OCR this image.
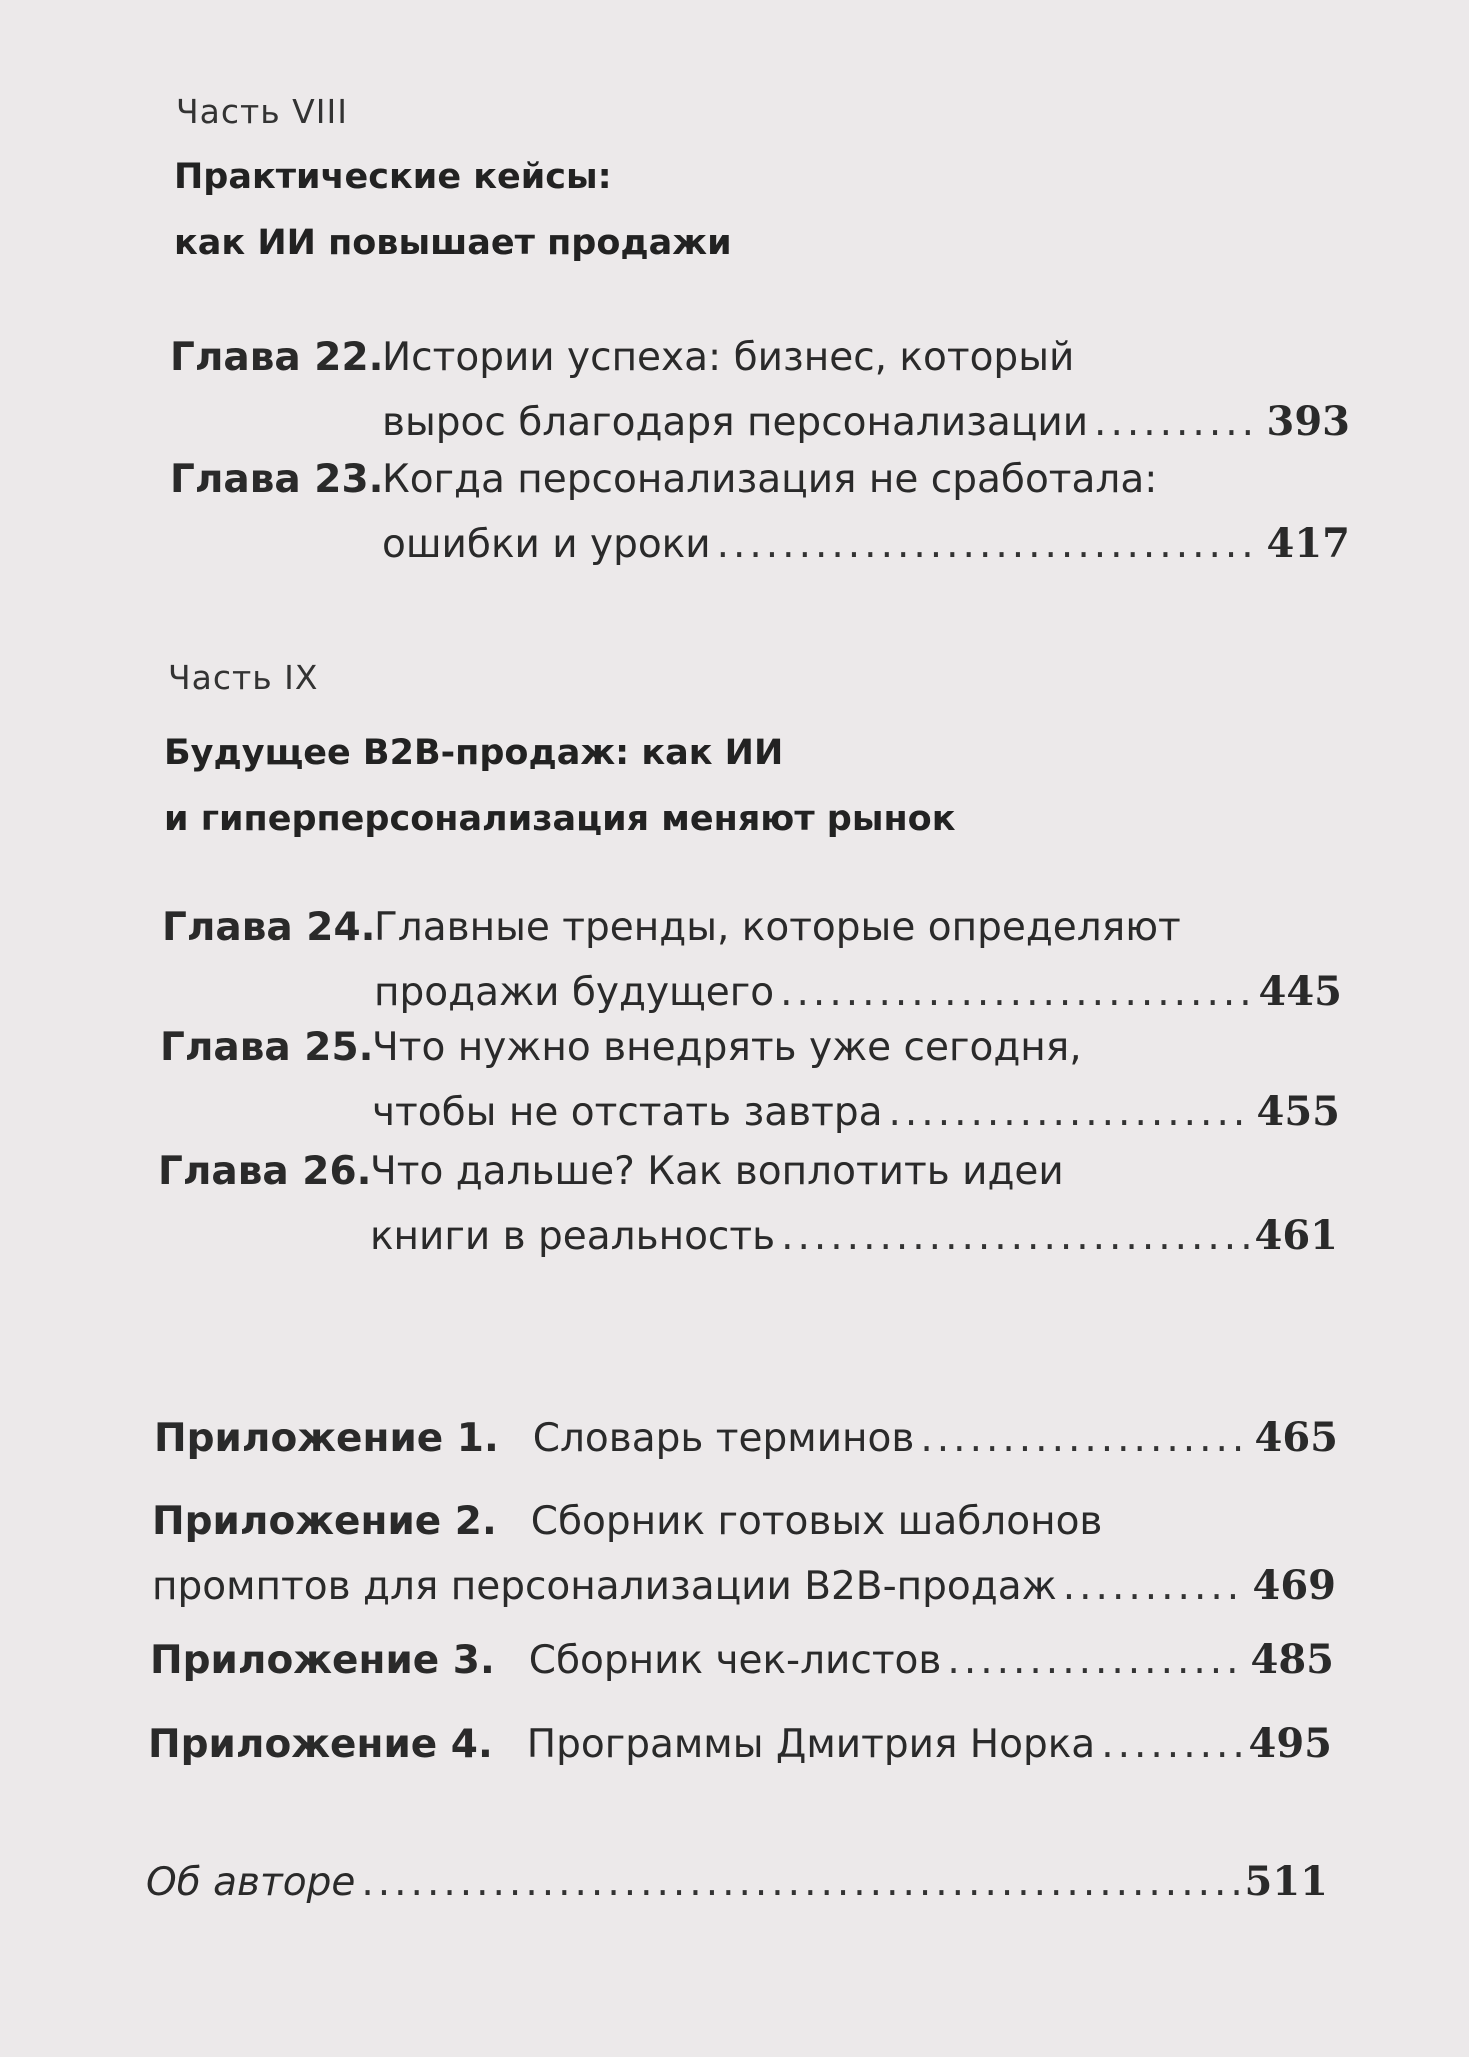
Часть VIII
Практические кейсы:
как ИИ повышает продажи
Глава 22.
Истории успеха: бизнес, который
вырос благодаря персонализации .....	393
Глава 23.
Когда персонализация не сработала:
ошибки и уроки .....	417
Часть IX
Будущее B2B-продаж: как ИИ
и гиперперсонализация меняют рынок
Глава 24.
Главные тренды, которые определяют
продажи будущего .....	445
Глава 25.
Что нужно внедрять уже сегодня,
чтобы не отстать завтра .....	455
Глава 26.
Что дальше? Как воплотить идеи
книги в реальность .....	461
Приложение 1. Словарь терминов .....	465
Приложение 2. Сборник готовых шаблонов
промптов для персонализации B2B-продаж .....	469
Приложение 3. Сборник чек-листов .....	485
Приложение 4. Программы Дмитрия Норка .....	495
Об авторе .....	511
